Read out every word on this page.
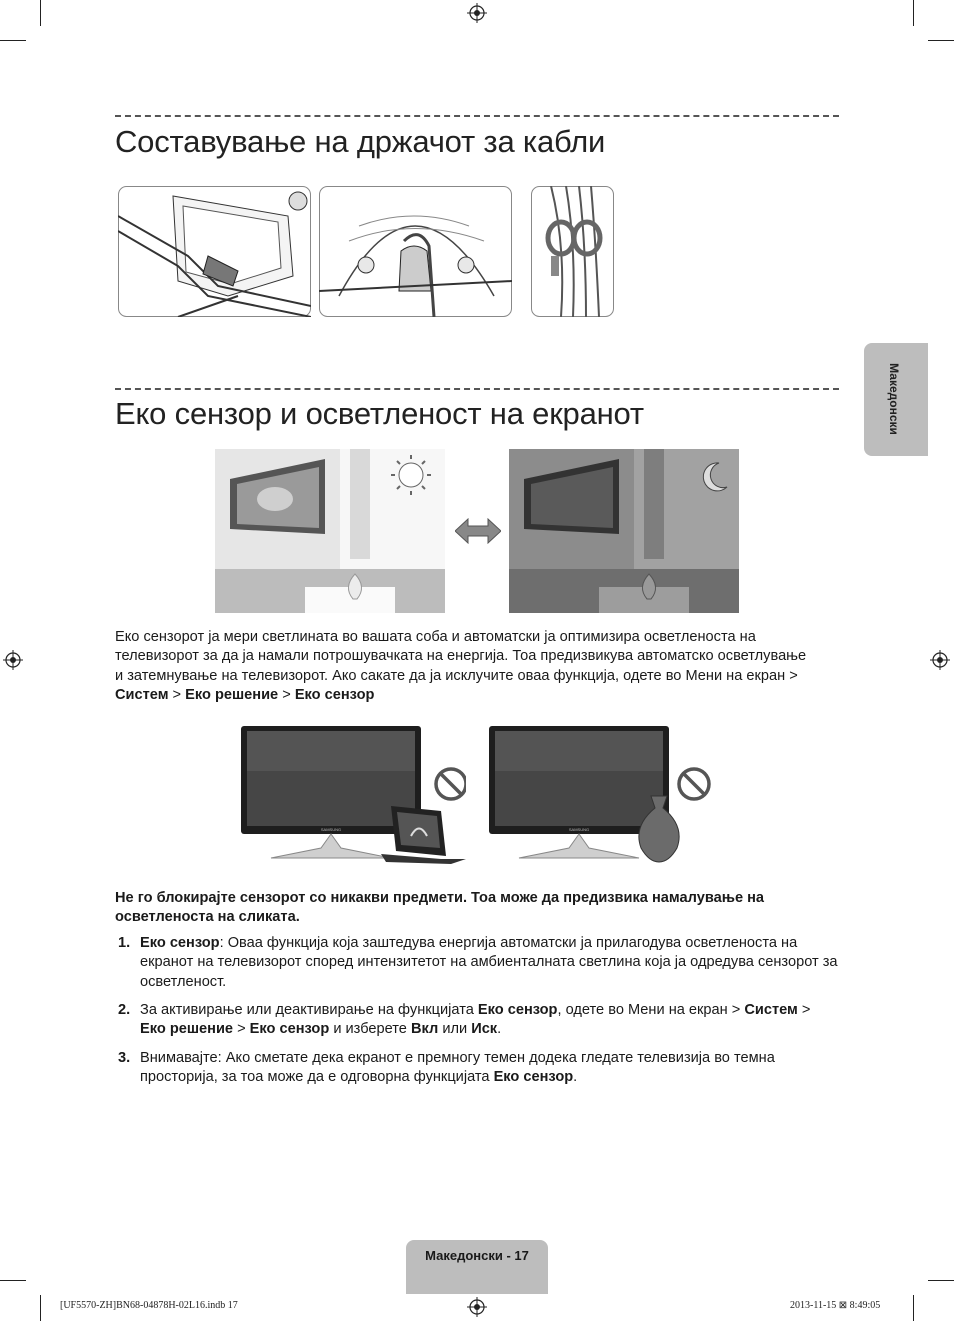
Составување на држачот за кабли
Еко сензор и осветленост на екранот
Еко сензорот ја мери светлината во вашата соба и автоматски ја оптимизира осветленоста на телевизорот за да ја намали потрошувачката на енергија. Тоа предизвикува автоматско осветлување и затемнување на телевизорот. Ако сакате да ја исклучите оваа функција, одете во Мени на екран > Систем > Еко решение > Еко сензор
SAMSUNG	SAMSUNG
Не го блокирајте сензорот со никакви предмети. Тоа може да предизвика намалување на осветленоста на сликата.
1. Еко сензор: Оваа функција која заштедува енергија автоматски ја прилагодува осветленоста на екранот на телевизорот според интензитетот на амбиенталната светлина која ја одредува сензорот за осветленост.
2. За активирање или деактивирање на функцијата Еко сензор, одете во Мени на екран > Систем > Еко решение > Еко сензор и изберете Вкл или Иск.
3. Внимавајте: Ако сметате дека екранот е премногу темен додека гледате телевизија во темна просторија, за тоа може да е одговорна функцијата Еко сензор.
Македонски
Македонски - 17
[UF5570-ZH]BN68-04878H-02L16.indb 17	2013-11-15 ⊠ 8:49:05
